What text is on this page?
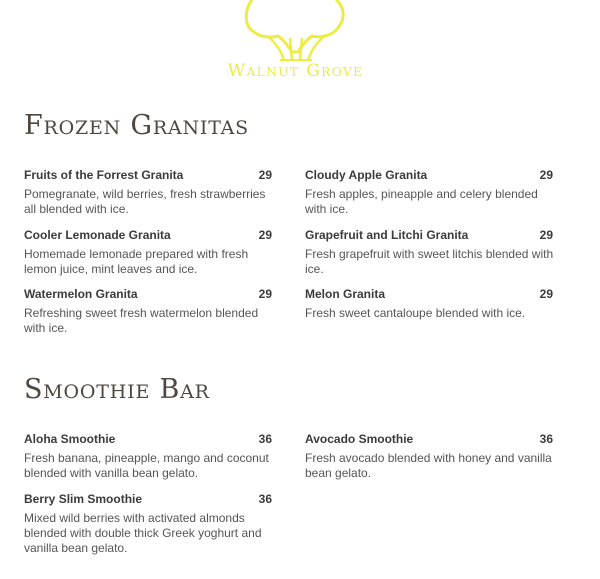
Walnut Grove
Frozen Granitas
Fruits of the Forrest Granita	29
Pomegranate, wild berries, fresh strawberries all blended with ice.
Cloudy Apple Granita	29
Fresh apples, pineapple and celery blended with ice.
Cooler Lemonade Granita	29
Homemade lemonade prepared with fresh lemon juice, mint leaves and ice.
Grapefruit and Litchi Granita	29
Fresh grapefruit with sweet litchis blended with ice.
Watermelon Granita	29
Refreshing sweet fresh watermelon blended with ice.
Melon Granita	29
Fresh sweet cantaloupe blended with ice.
Smoothie Bar
Aloha Smoothie	36
Fresh banana, pineapple, mango and coconut blended with vanilla bean gelato.
Avocado Smoothie	36
Fresh avocado blended with honey and vanilla bean gelato.
Berry Slim Smoothie	36
Mixed wild berries with activated almonds blended with double thick Greek yoghurt and vanilla bean gelato.
